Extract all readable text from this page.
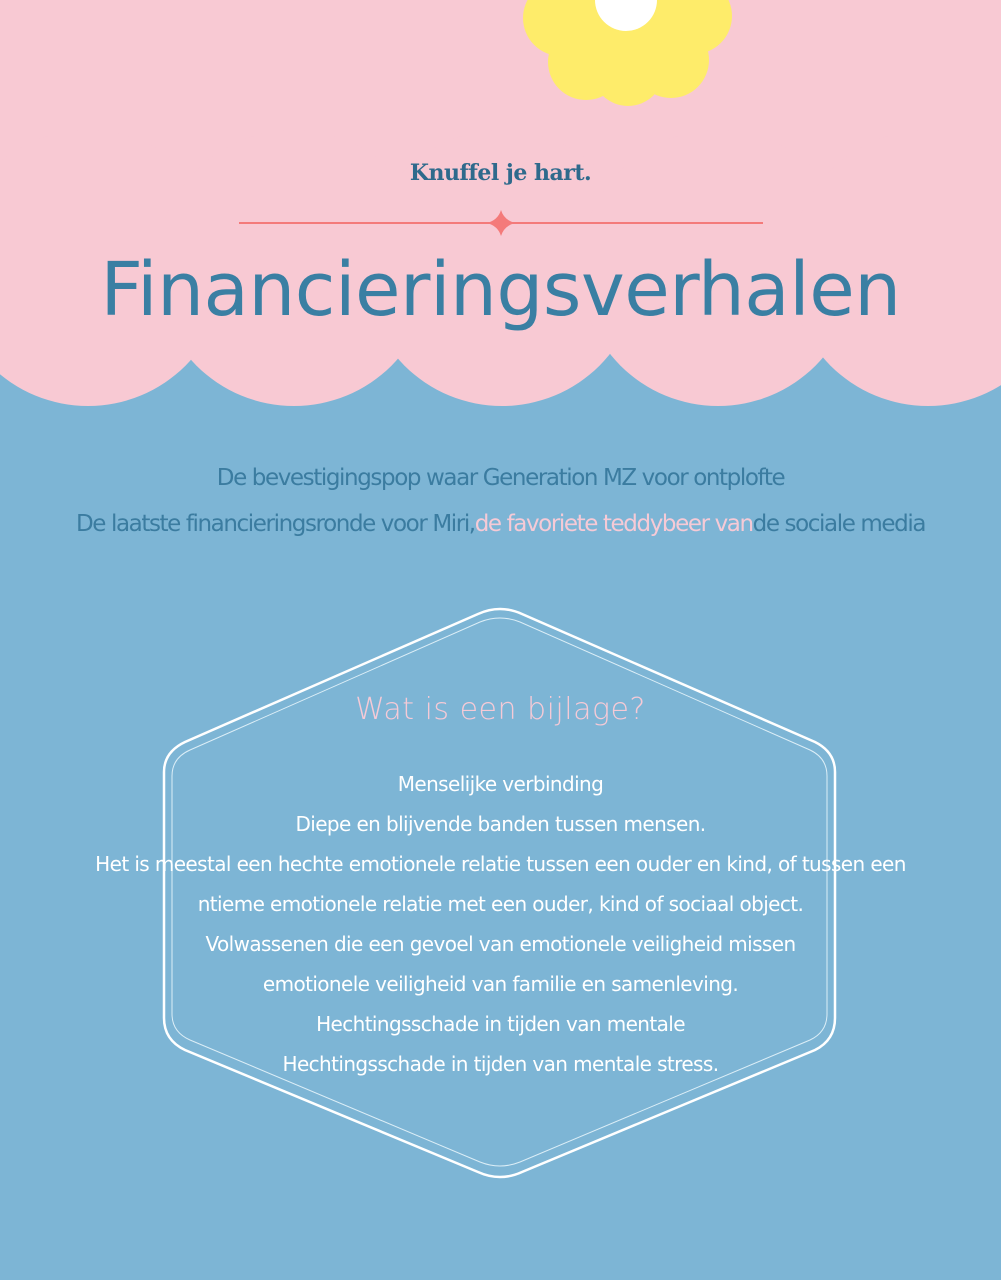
Knuffel je hart.
Financieringsverhalen
De bevestigingspop waar Generation MZ voor ontplofte
De laatste financieringsronde voor Miri,de favoriete teddybeer vande sociale media
Wat is een bijlage?
Menselijke verbinding
Diepe en blijvende banden tussen mensen.
Het is meestal een hechte emotionele relatie tussen een ouder en kind, of tussen een
ntieme emotionele relatie met een ouder, kind of sociaal object.
Volwassenen die een gevoel van emotionele veiligheid missen
emotionele veiligheid van familie en samenleving.
Hechtingsschade in tijden van mentale
Hechtingsschade in tijden van mentale stress.
